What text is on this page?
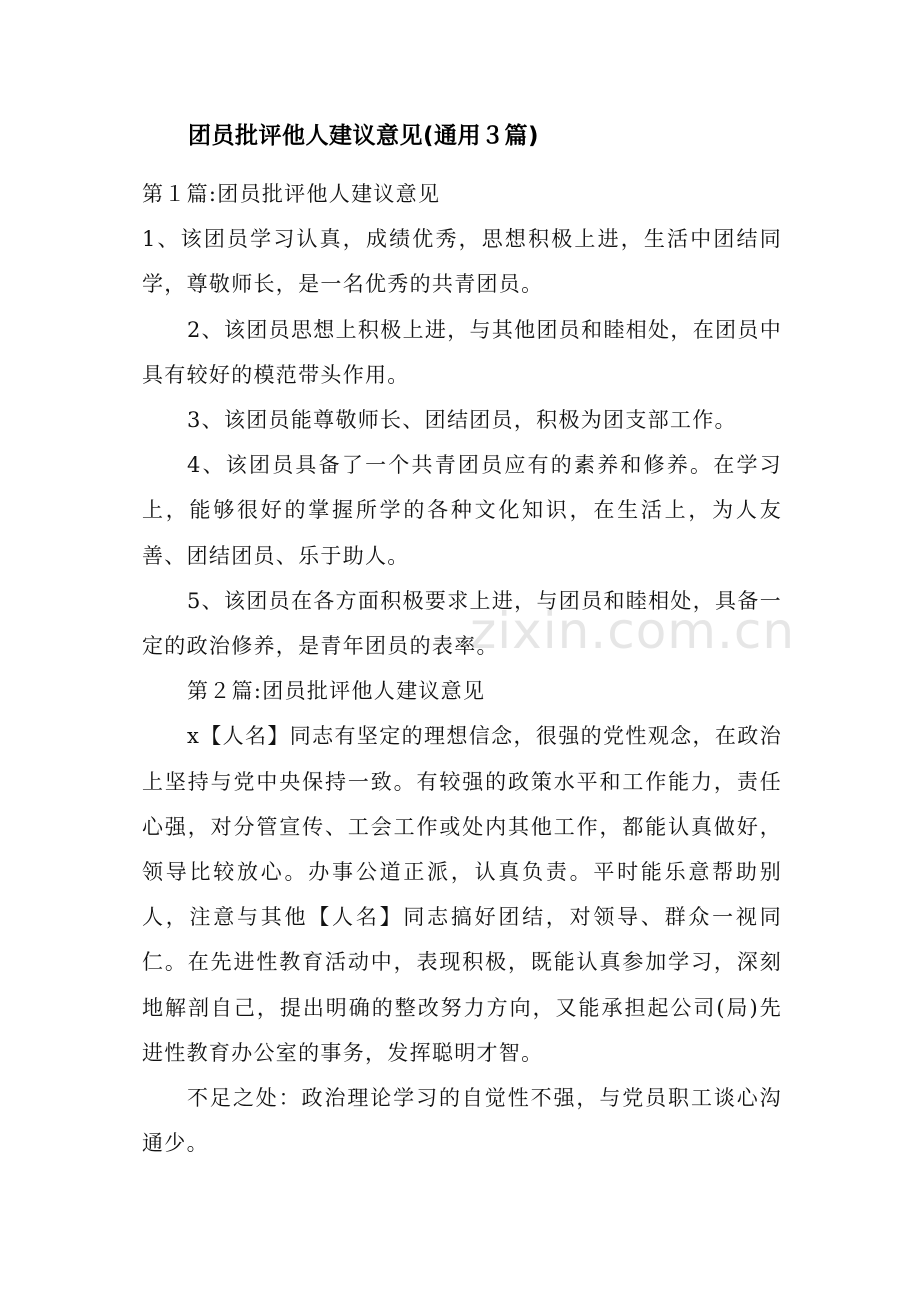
团员批评他人建议意见(通用３篇)

第１篇:团员批评他人建议意见

1、该团员学习认真，成绩优秀，思想积极上进，生活中团结同学，尊敬师长，是一名优秀的共青团员。

2、该团员思想上积极上进，与其他团员和睦相处，在团员中具有较好的模范带头作用。

3、该团员能尊敬师长、团结团员，积极为团支部工作。

4、该团员具备了一个共青团员应有的素养和修养。在学习上，能够很好的掌握所学的各种文化知识，在生活上，为人友善、团结团员、乐于助人。

5、该团员在各方面积极要求上进，与团员和睦相处，具备一定的政治修养，是青年团员的表率。

第２篇:团员批评他人建议意见

x【人名】同志有坚定的理想信念，很强的党性观念，在政治上坚持与党中央保持一致。有较强的政策水平和工作能力，责任心强，对分管宣传、工会工作或处内其他工作，都能认真做好，领导比较放心。办事公道正派，认真负责。平时能乐意帮助别人，注意与其他【人名】同志搞好团结，对领导、群众一视同仁。在先进性教育活动中，表现积极，既能认真参加学习，深刻地解剖自己，提出明确的整改努力方向，又能承担起公司(局)先进性教育办公室的事务，发挥聪明才智。

不足之处：政治理论学习的自觉性不强，与党员职工谈心沟通少。

zixin.com.cn
